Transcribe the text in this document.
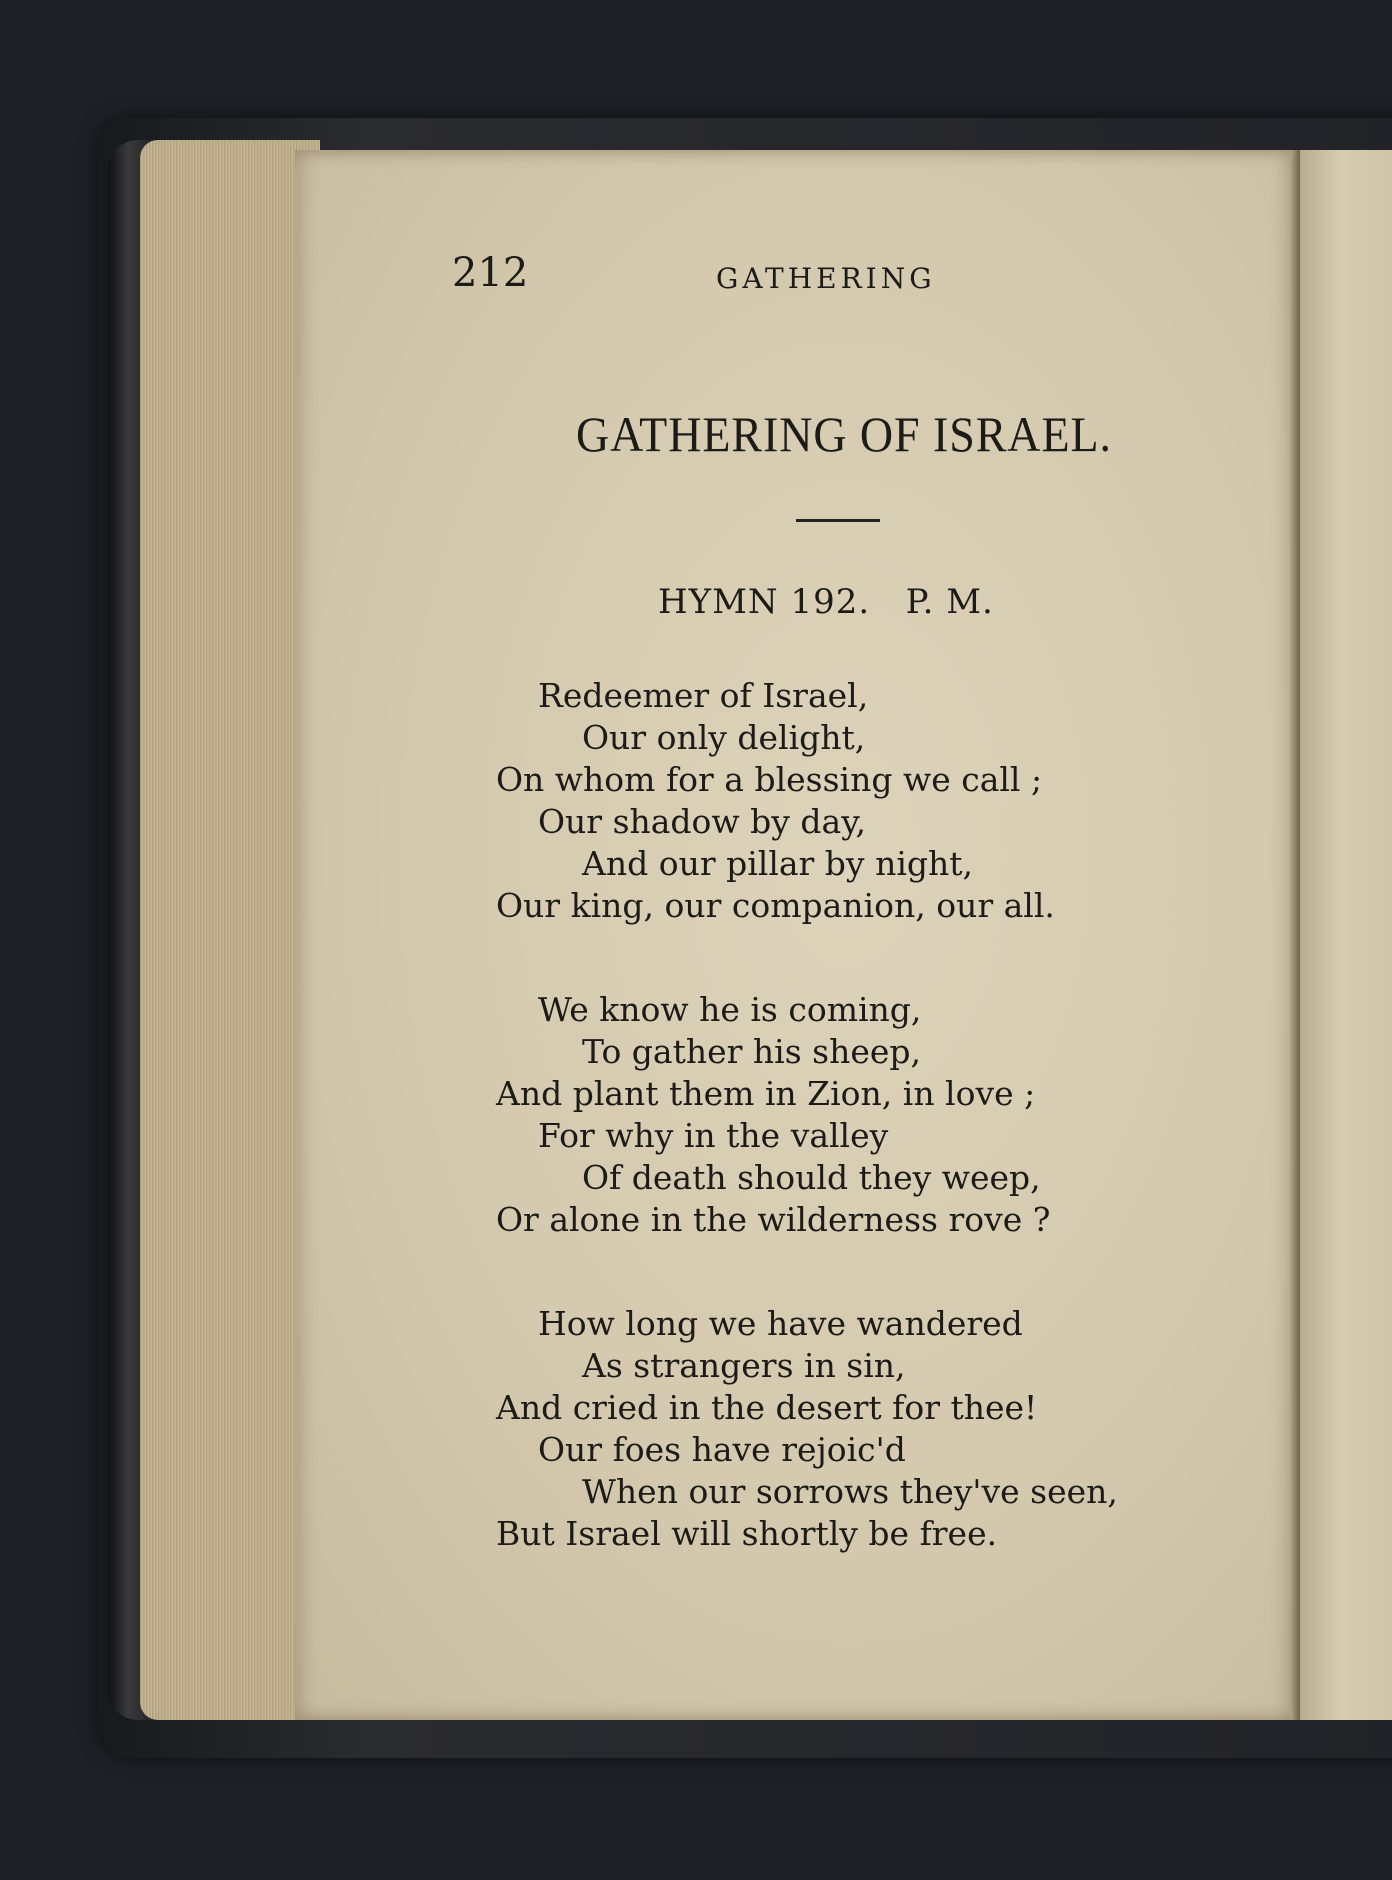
212	GATHERING

GATHERING OF ISRAEL.

HYMN 192.   P. M.

Redeemer of Israel,
Our only delight,
On whom for a blessing we call ;
Our shadow by day,
And our pillar by night,
Our king, our companion, our all.
We know he is coming,
To gather his sheep,
And plant them in Zion, in love ;
For why in the valley
Of death should they weep,
Or alone in the wilderness rove ?
How long we have wandered
As strangers in sin,
And cried in the desert for thee!
Our foes have rejoic'd
When our sorrows they've seen,
But Israel will shortly be free.
